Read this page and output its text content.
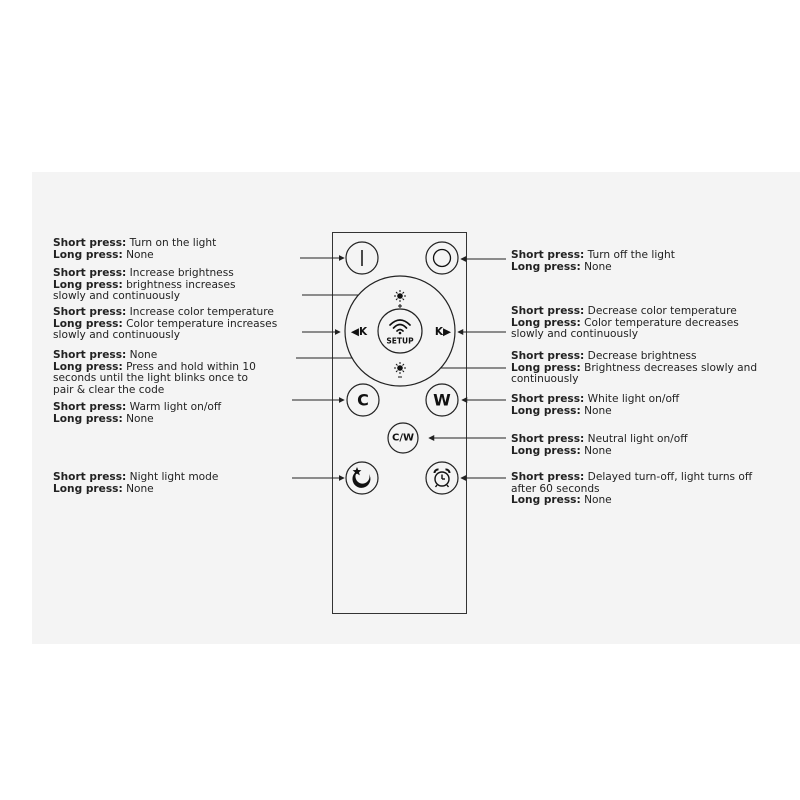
Short press: Turn on the light
Long press: None
Short press: Increase brightness
Long press: brightness increases
slowly and continuously
Short press: Increase color temperature
Long press: Color temperature increases
slowly and continuously
Short press: None
Long press: Press and hold within 10
seconds until the light blinks once to
pair & clear the code
Short press: Warm light on/off
Long press: None
Short press: Night light mode
Long press: None
Short press: Turn off the light
Long press: None
Short press: Decrease color temperature
Long press: Color temperature decreases
slowly and continuously
Short press: Decrease brightness
Long press: Brightness decreases slowly and
continuously
Short press: White light on/off
Long press: None
Short press: Neutral light on/off
Long press: None
Short press: Delayed turn-off, light turns off
after 60 seconds
Long press: None
◀K	K▶
SETUP
C	W
C/W
